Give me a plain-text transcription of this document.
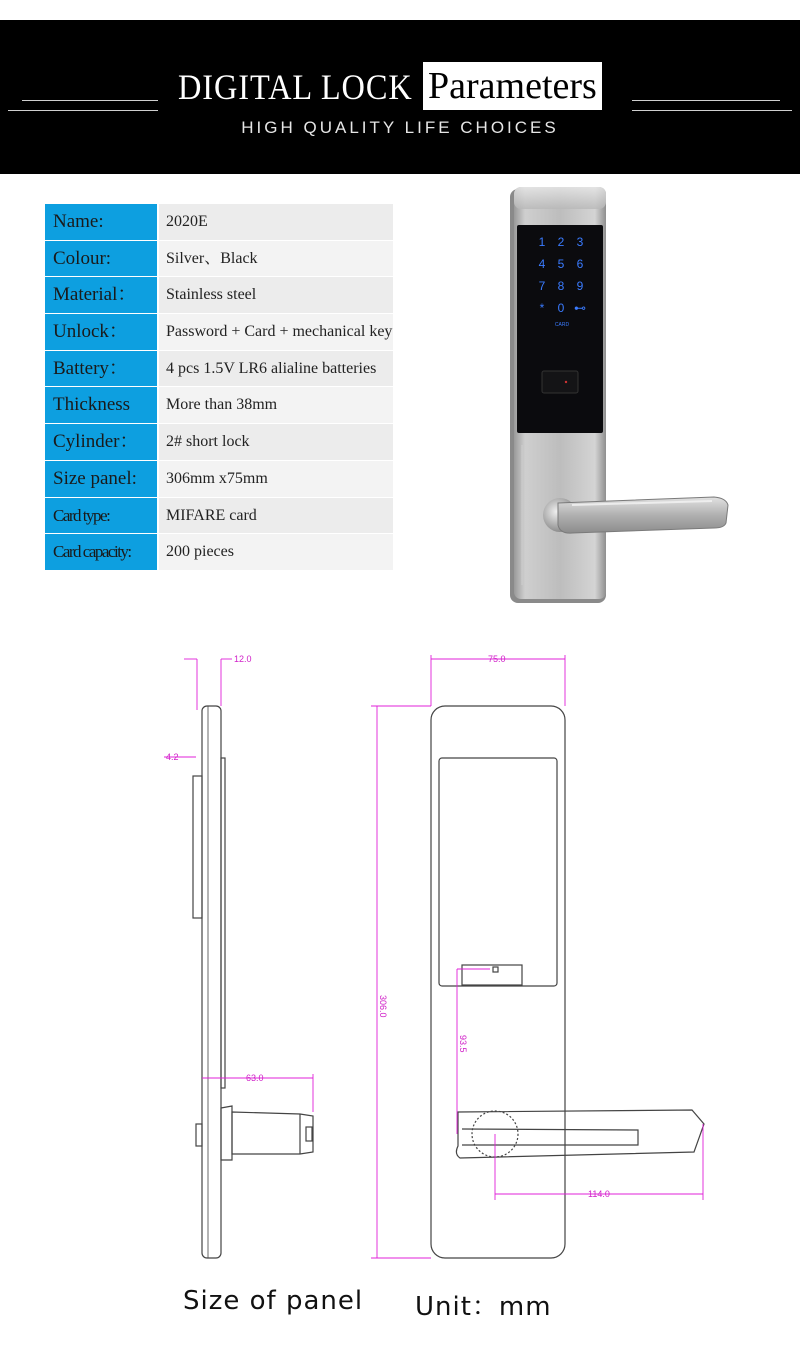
DIGITAL LOCK Parameters
HIGH QUALITY LIFE CHOICES
Name:	2020E
Colour:	Silver、Black
Material：	Stainless steel
Unlock：	Password + Card + mechanical key
Battery：	4 pcs 1.5V LR6 alialine batteries
Thickness	More than 38mm
Cylinder：	2# short lock
Size panel:	306mm x75mm
Card type:	MIFARE card
Card capacity:	200 pieces
1 2 3
4 5 6
7 8 9
* 0 ⊷
CARD
12.0
4.2
63.0
75.0
306.0
93.5
114.0
Size of panel Unit：mm
